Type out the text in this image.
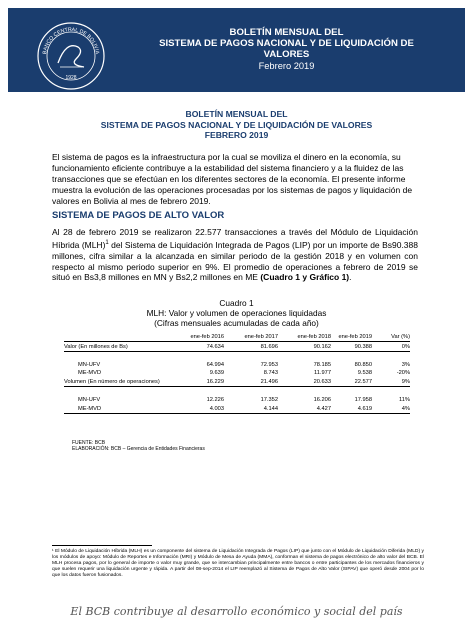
1928
BANCO CENTRAL DE BOLIVIA
BOLETÍN MENSUAL DEL
SISTEMA DE PAGOS NACIONAL Y DE LIQUIDACIÓN DE
VALORES
Febrero 2019
BOLETÍN MENSUAL DEL
SISTEMA DE PAGOS NACIONAL Y DE LIQUIDACIÓN DE VALORES
FEBRERO 2019
El sistema de pagos es la infraestructura por la cual se moviliza el dinero en la economía, su funcionamiento eficiente contribuye a la estabilidad del sistema financiero y a la fluidez de las transacciones que se efectúan en los diferentes sectores de la economía. El presente informe muestra la evolución de las operaciones procesadas por los sistemas de pagos y liquidación de valores en Bolivia al mes de febrero 2019.
SISTEMA DE PAGOS DE ALTO VALOR
Al 28 de febrero 2019 se realizaron 22.577 transacciones a través del Módulo de Liquidación Híbrida (MLH)$^1$ del Sistema de Liquidación Integrada de Pagos (LIP) por un importe de Bs90.388 millones, cifra similar a la alcanzada en similar periodo de la gestión 2018 y en volumen con respecto al mismo periodo superior en 9%. El promedio de operaciones a febrero de 2019 se situó en Bs3,8 millones en MN y Bs2,2 millones en ME (Cuadro 1 y Gráfico 1).
Cuadro 1
MLH: Valor y volumen de operaciones liquidadas
(Cifras mensuales acumuladas de cada año)
ene-feb 2016	ene-feb 2017	ene-feb 2018 ene-feb 2019	Var (%)
Valor (En millones de Bs)	74.634	81.696	90.162	90.388	0%
MN-UFV	64.994	72.953	78.185	80.850	3%
ME-MVD	9.639	8.743	11.977	9.538	-20%
Volumen (En número de operaciones)	16.229	21.496	20.633	22.577	9%
MN-UFV	12.226	17.352	16.206	17.958	11%
ME-MVD	4.003	4.144	4.427	4.619	4%
FUENTE: BCB
ELABORACIÓN: BCB – Gerencia de Entidades Financieras
¹ El Módulo de Liquidación Híbrida (MLH) es un componente del sistema de Liquidación Integrada de Pagos (LIP) que junto con el Módulo de Liquidación Diferida (MLD) y los módulos de apoyo: Módulo de Reportes e Información (MRI) y Módulo de Mesa de Ayuda (MMA), conforman el sistema de pagos electrónico de alto valor del BCB. El MLH procesa pagos, por lo general de importe o valor muy grande, que se intercambian principalmente entre bancos o entre participantes de los mercados financieros y que suelen requerir una liquidación urgente y rápida. A partir del 08-sep-2014 el LIP reemplazó al Sistema de Pagos de Alto Valor (SIPAV) que operó desde 2004 por lo que los datos fueron fusionados.
El BCB contribuye al desarrollo económico y social del país
